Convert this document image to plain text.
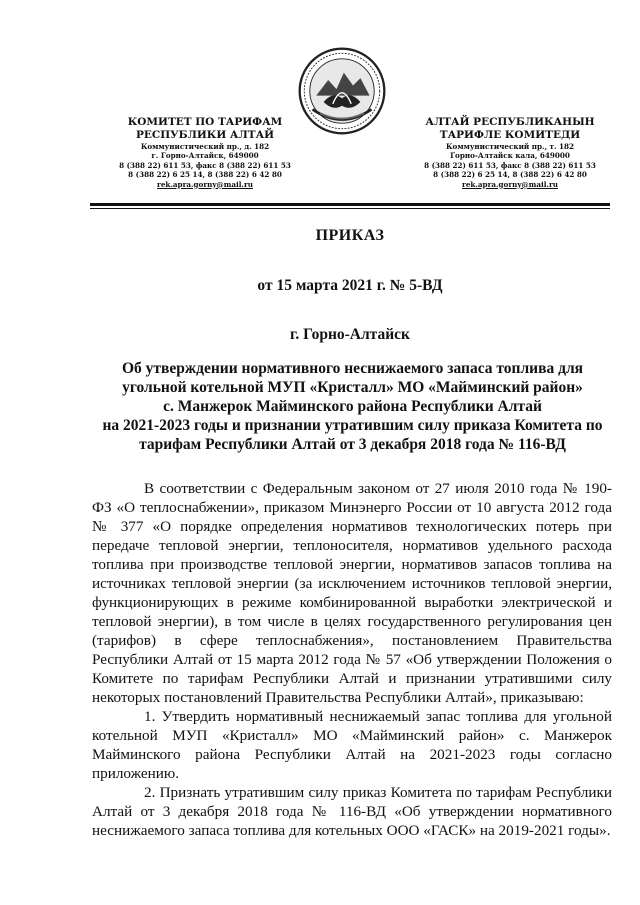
КОМИТЕТ ПО ТАРИФАМ
РЕСПУБЛИКИ АЛТАЙ
Коммунистический пр., д. 182
г. Горно-Алтайск, 649000
8 (388 22) 611 53, факс 8 (388 22) 611 53
8 (388 22) 6 25 14, 8 (388 22) 6 42 80
rek.apra.gorny@mail.ru
АЛТАЙ РЕСПУБЛИКАНЫН
ТАРИФЛЕ КОМИТЕДИ
Коммунистический пр., т. 182
Горно-Алтайск кала, 649000
8 (388 22) 611 53, факс 8 (388 22) 611 53
8 (388 22) 6 25 14, 8 (388 22) 6 42 80
rek.apra.gorny@mail.ru
ПРИКАЗ
от 15 марта 2021 г. № 5-ВД
г. Горно-Алтайск
Об утверждении нормативного неснижаемого запаса топлива для
угольной котельной МУП «Кристалл» МО «Майминский район»
с. Манжерок Майминского района Республики Алтай
на 2021-2023 годы и признании утратившим силу приказа Комитета по
тарифам Республики Алтай от 3 декабря 2018 года № 116-ВД

В соответствии с Федеральным законом от 27 июля 2010 года № 190-ФЗ «О теплоснабжении», приказом Минэнерго России от 10 августа 2012 года № 377 «О порядке определения нормативов технологических потерь при передаче тепловой энергии, теплоносителя, нормативов удельного расхода топлива при производстве тепловой энергии, нормативов запасов топлива на источниках тепловой энергии (за исключением источников тепловой энергии, функционирующих в режиме комбинированной выработки электрической и тепловой энергии), в том числе в целях государственного регулирования цен (тарифов) в сфере теплоснабжения», постановлением Правительства Республики Алтай от 15 марта 2012 года № 57 «Об утверждении Положения о Комитете по тарифам Республики Алтай и признании утратившими силу некоторых постановлений Правительства Республики Алтай», приказываю:

1. Утвердить нормативный неснижаемый запас топлива для угольной котельной МУП «Кристалл» МО «Майминский район» с. Манжерок Майминского района Республики Алтай на 2021-2023 годы согласно приложению.

2. Признать утратившим силу приказ Комитета по тарифам Республики Алтай от 3 декабря 2018 года № 116-ВД «Об утверждении нормативного неснижаемого запаса топлива для котельных ООО «ГАСК» на 2019-2021 годы».
